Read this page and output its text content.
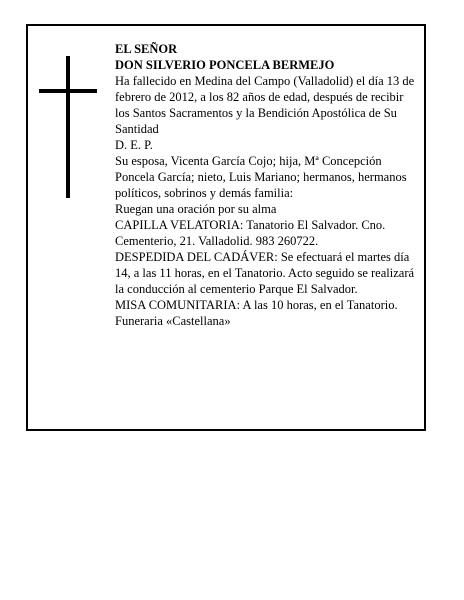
EL SEÑOR

DON SILVERIO PONCELA BERMEJO

Ha fallecido en Medina del Campo (Valladolid) el día 13 de febrero de 2012, a los 82 años de edad, después de recibir los Santos Sacramentos y la Bendición Apostólica de Su Santidad

D. E. P.

Su esposa, Vicenta García Cojo; hija, Mª Concepción Poncela García; nieto, Luis Mariano; hermanos, hermanos políticos, sobrinos y demás familia:

Ruegan una oración por su alma

CAPILLA VELATORIA: Tanatorio El Salvador. Cno. Cementerio, 21. Valladolid. 983 260722.

DESPEDIDA DEL CADÁVER: Se efectuará el martes día 14, a las 11 horas, en el Tanatorio. Acto seguido se realizará la conducción al cementerio Parque El Salvador.

MISA COMUNITARIA: A las 10 horas, en el Tanatorio.

Funeraria «Castellana»
